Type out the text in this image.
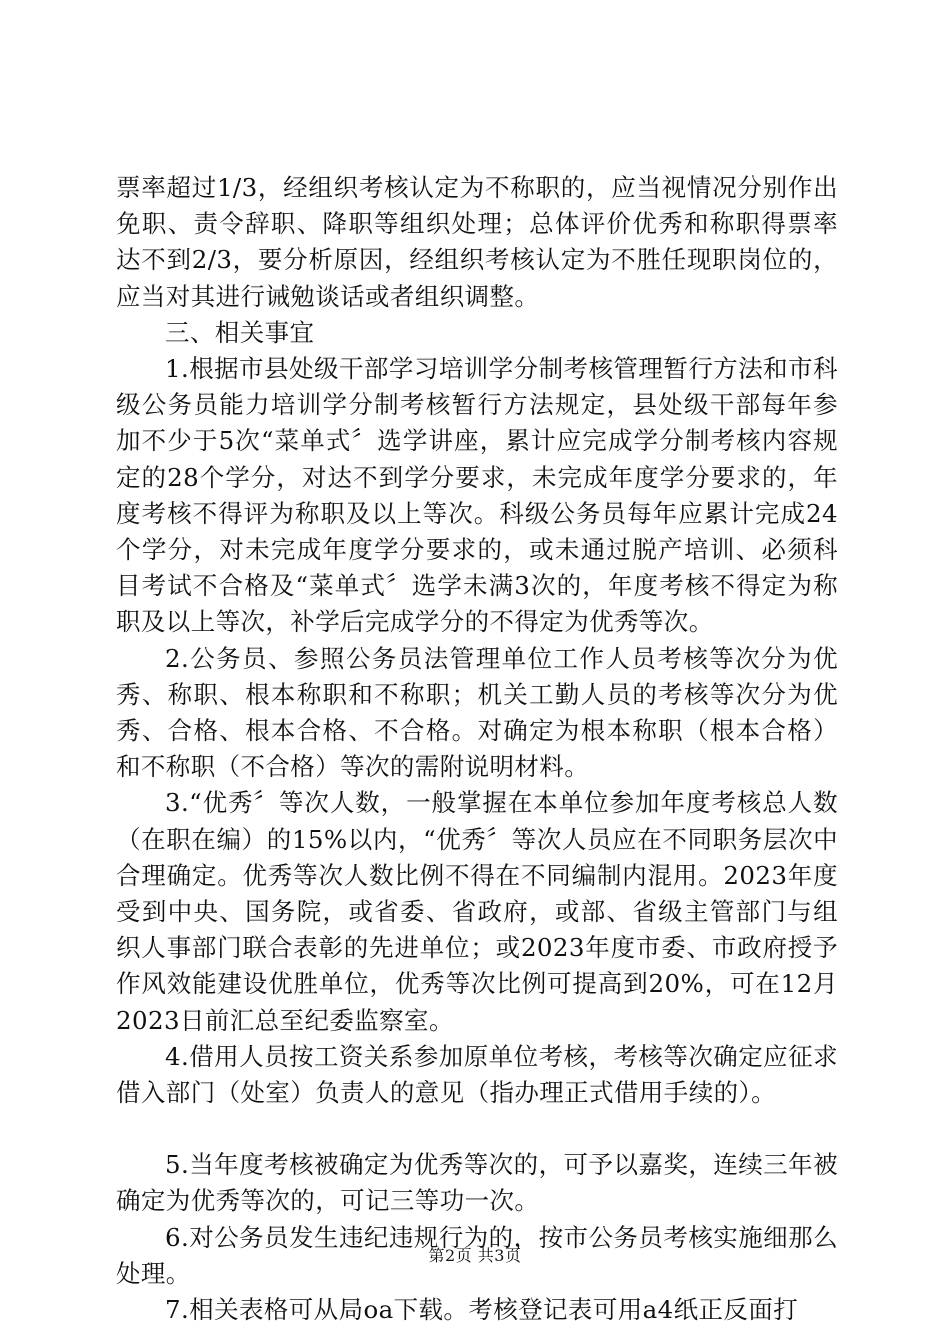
票率超过1/3，经组织考核认定为不称职的，应当视情况分别作出免职、责令辞职、降职等组织处理；总体评价优秀和称职得票率达不到2/3，要分析原因，经组织考核认定为不胜任现职岗位的，应当对其进行诫勉谈话或者组织调整。

三、相关事宜

1.根据市县处级干部学习培训学分制考核管理暂行方法和市科级公务员能力培训学分制考核暂行方法规定，县处级干部每年参加不少于5次“菜单式〞选学讲座，累计应完成学分制考核内容规定的28个学分，对达不到学分要求，未完成年度学分要求的，年度考核不得评为称职及以上等次。科级公务员每年应累计完成24个学分，对未完成年度学分要求的，或未通过脱产培训、必须科目考试不合格及“菜单式〞选学未满3次的，年度考核不得定为称职及以上等次，补学后完成学分的不得定为优秀等次。

2.公务员、参照公务员法管理单位工作人员考核等次分为优秀、称职、根本称职和不称职；机关工勤人员的考核等次分为优秀、合格、根本合格、不合格。对确定为根本称职（根本合格）和不称职（不合格）等次的需附说明材料。

3.“优秀〞等次人数，一般掌握在本单位参加年度考核总人数（在职在编）的15%以内，“优秀〞等次人员应在不同职务层次中合理确定。优秀等次人数比例不得在不同编制内混用。2023年度受到中央、国务院，或省委、省政府，或部、省级主管部门与组织人事部门联合表彰的先进单位；或2023年度市委、市政府授予作风效能建设优胜单位，优秀等次比例可提高到20%，可在12月2023日前汇总至纪委监察室。

4.借用人员按工资关系参加原单位考核，考核等次确定应征求借入部门（处室）负责人的意见（指办理正式借用手续的）。

5.当年度考核被确定为优秀等次的，可予以嘉奖，连续三年被确定为优秀等次的，可记三等功一次。

6.对公务员发生违纪违规行为的，按市公务员考核实施细那么处理。

7.相关表格可从局oa下载。考核登记表可用a4纸正反面打

第2页 共3页
